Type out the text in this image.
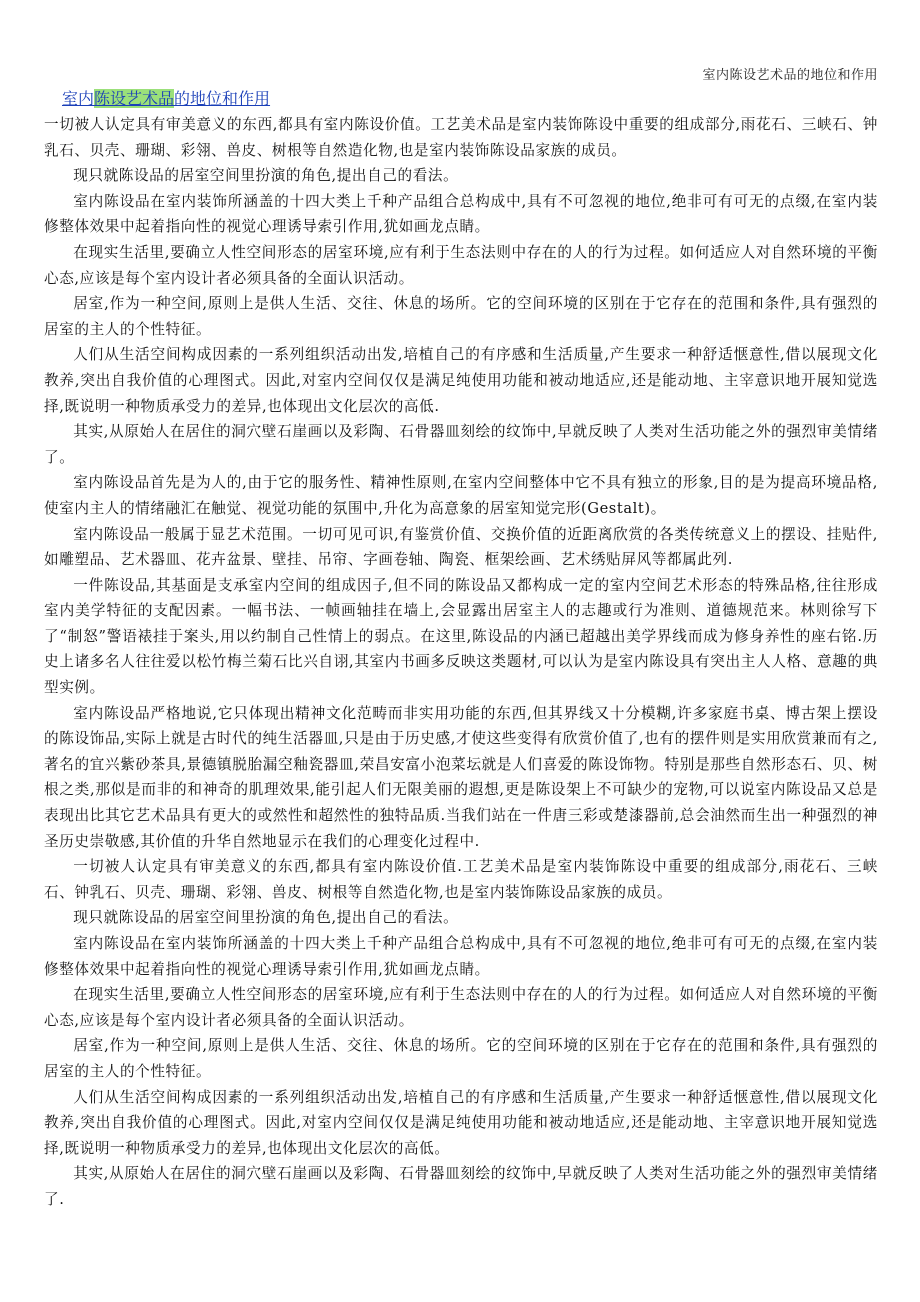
室内陈设艺术品的地位和作用
室内陈设艺术品的地位和作用

一切被人认定具有审美意义的东西,都具有室内陈设价值。工艺美术品是室内装饰陈设中重要的组成部分,雨花石、三峡石、钟乳石、贝壳、珊瑚、彩翎、兽皮、树根等自然造化物,也是室内装饰陈设品家族的成员。

现只就陈设品的居室空间里扮演的角色,提出自己的看法。

室内陈设品在室内装饰所涵盖的十四大类上千种产品组合总构成中,具有不可忽视的地位,绝非可有可无的点缀,在室内装修整体效果中起着指向性的视觉心理诱导索引作用,犹如画龙点睛。

在现实生活里,要确立人性空间形态的居室环境,应有利于生态法则中存在的人的行为过程。如何适应人对自然环境的平衡心态,应该是每个室内设计者必须具备的全面认识活动。

居室,作为一种空间,原则上是供人生活、交往、休息的场所。它的空间环境的区别在于它存在的范围和条件,具有强烈的居室的主人的个性特征。

人们从生活空间构成因素的一系列组织活动出发,培植自己的有序感和生活质量,产生要求一种舒适惬意性,借以展现文化教养,突出自我价值的心理图式。因此,对室内空间仅仅是满足纯使用功能和被动地适应,还是能动地、主宰意识地开展知觉选择,既说明一种物质承受力的差异,也体现出文化层次的高低.

其实,从原始人在居住的洞穴壁石崖画以及彩陶、石骨器皿刻绘的纹饰中,早就反映了人类对生活功能之外的强烈审美情绪了。

室内陈设品首先是为人的,由于它的服务性、精神性原则,在室内空间整体中它不具有独立的形象,目的是为提高环境品格,使室内主人的情绪融汇在触觉、视觉功能的氛围中,升化为高意象的居室知觉完形(Gestalt)。

室内陈设品一般属于显艺术范围。一切可见可识,有鉴赏价值、交换价值的近距离欣赏的各类传统意义上的摆设、挂贴件,如雕塑品、艺术器皿、花卉盆景、壁挂、吊帘、字画卷轴、陶瓷、框架绘画、艺术绣贴屏风等都属此列.

一件陈设品,其基面是支承室内空间的组成因子,但不同的陈设品又都构成一定的室内空间艺术形态的特殊品格,往往形成室内美学特征的支配因素。一幅书法、一帧画轴挂在墙上,会显露出居室主人的志趣或行为准则、道德规范来。林则徐写下了“制怒”警语裱挂于案头,用以约制自己性情上的弱点。在这里,陈设品的内涵已超越出美学界线而成为修身养性的座右铭.历史上诸多名人往往爱以松竹梅兰菊石比兴自诩,其室内书画多反映这类题材,可以认为是室内陈设具有突出主人人格、意趣的典型实例。

室内陈设品严格地说,它只体现出精神文化范畴而非实用功能的东西,但其界线又十分模糊,许多家庭书桌、博古架上摆设的陈设饰品,实际上就是古时代的纯生活器皿,只是由于历史感,才使这些变得有欣赏价值了,也有的摆件则是实用欣赏兼而有之,著名的宜兴紫砂茶具,景德镇脱胎漏空釉瓷器皿,荣昌安富小泡菜坛就是人们喜爱的陈设饰物。特别是那些自然形态石、贝、树根之类,那似是而非的和神奇的肌理效果,能引起人们无限美丽的遐想,更是陈设架上不可缺少的宠物,可以说室内陈设品又总是表现出比其它艺术品具有更大的或然性和超然性的独特品质.当我们站在一件唐三彩或楚漆器前,总会油然而生出一种强烈的神圣历史崇敬感,其价值的升华自然地显示在我们的心理变化过程中.

一切被人认定具有审美意义的东西,都具有室内陈设价值.工艺美术品是室内装饰陈设中重要的组成部分,雨花石、三峡石、钟乳石、贝壳、珊瑚、彩翎、兽皮、树根等自然造化物,也是室内装饰陈设品家族的成员。

现只就陈设品的居室空间里扮演的角色,提出自己的看法。

室内陈设品在室内装饰所涵盖的十四大类上千种产品组合总构成中,具有不可忽视的地位,绝非可有可无的点缀,在室内装修整体效果中起着指向性的视觉心理诱导索引作用,犹如画龙点睛。

在现实生活里,要确立人性空间形态的居室环境,应有利于生态法则中存在的人的行为过程。如何适应人对自然环境的平衡心态,应该是每个室内设计者必须具备的全面认识活动。

居室,作为一种空间,原则上是供人生活、交往、休息的场所。它的空间环境的区别在于它存在的范围和条件,具有强烈的居室的主人的个性特征。

人们从生活空间构成因素的一系列组织活动出发,培植自己的有序感和生活质量,产生要求一种舒适惬意性,借以展现文化教养,突出自我价值的心理图式。因此,对室内空间仅仅是满足纯使用功能和被动地适应,还是能动地、主宰意识地开展知觉选择,既说明一种物质承受力的差异,也体现出文化层次的高低。

其实,从原始人在居住的洞穴壁石崖画以及彩陶、石骨器皿刻绘的纹饰中,早就反映了人类对生活功能之外的强烈审美情绪了.
